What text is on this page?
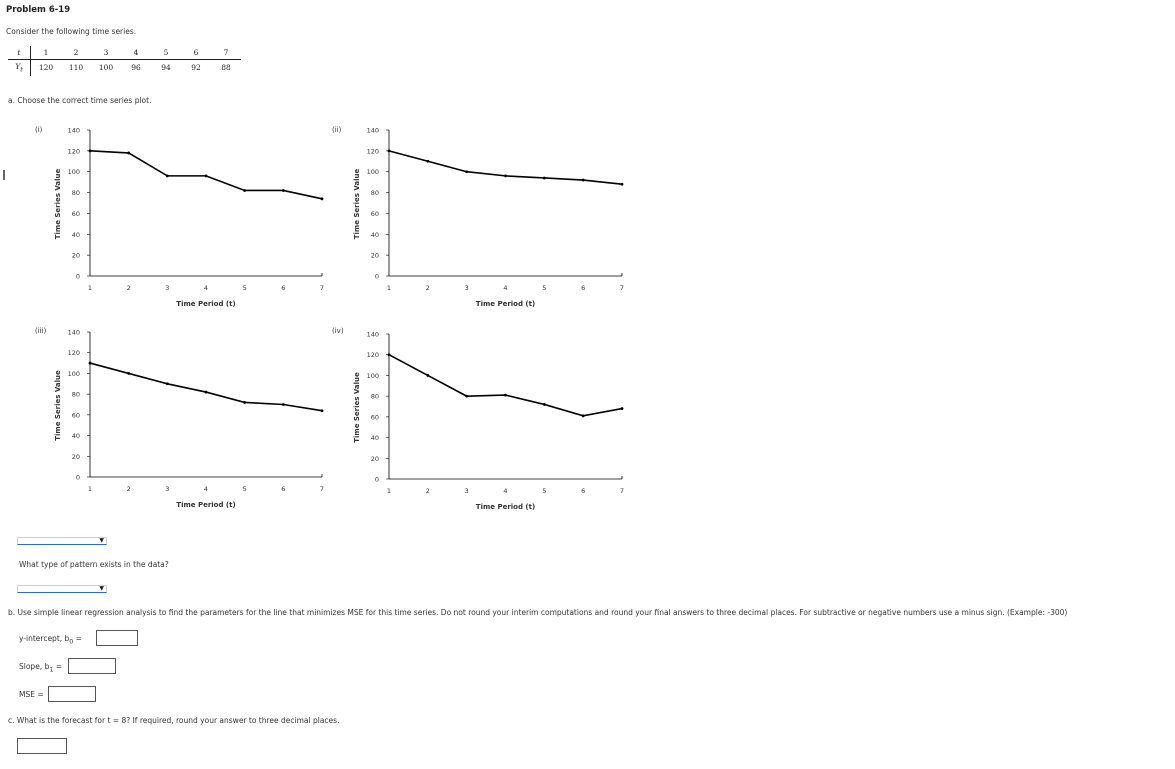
Problem 6-19
Consider the following time series.
t	1	2	3	4	5	6	7
$Y_t$	120	110	100	96	94	92	88
a. Choose the correct time series plot.
(i)
0
20
40
60
80
100
120
140
1	2	3	4	5	6	7
Time Period (t)
Time Series Value
(ii)
0
20
40
60
80
100
120
140
1	2	3	4	5	6	7
Time Period (t)
Time Series Value
(iii)
0
20
40
60
80
100
120
140
1	2	3	4	5	6	7
Time Period (t)
Time Series Value
(iv)
0
20
40
60
80
100
120
140
1	2	3	4	5	6	7
Time Period (t)
Time Series Value
▼
What type of pattern exists in the data?
▼
b. Use simple linear regression analysis to find the parameters for the line that minimizes MSE for this time series. Do not round your interim computations and round your final answers to three decimal places. For subtractive or negative numbers use a minus sign. (Example: -300)
y-intercept, $b_0$ =
Slope, $b_1$ =
MSE =
c. What is the forecast for t = 8? If required, round your answer to three decimal places.
